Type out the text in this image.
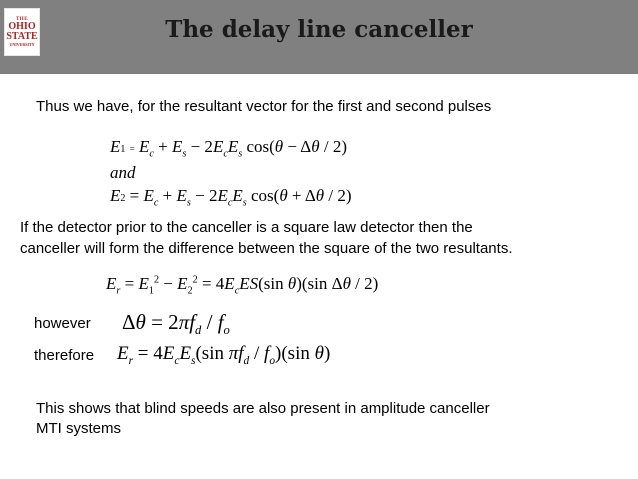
THE
OHIO
STATE
UNIVERSITY
The delay line canceller
Thus we have, for the resultant vector for the first and second pulses
$E1 = E_c + E_s - 2E_cE_s$ cos(θ − Δθ / 2)
and
$E2 = E_c + E_s - 2E_cE_s$ cos(θ + Δθ / 2)
If the detector prior to the canceller is a square law detector then the
canceller will form the difference between the square of the two resultants.
$E_r = E_1^2 - E_2^2 = 4E_cES(\sin$ θ)(sin Δθ / 2)
however $\Delta\theta = 2\pi f_d / f_o$
therefore $E_r = 4E_cE_s(\sin$ $\pi f_d / f_o)(\sin$ θ)
This shows that blind speeds are also present in amplitude canceller
MTI systems
